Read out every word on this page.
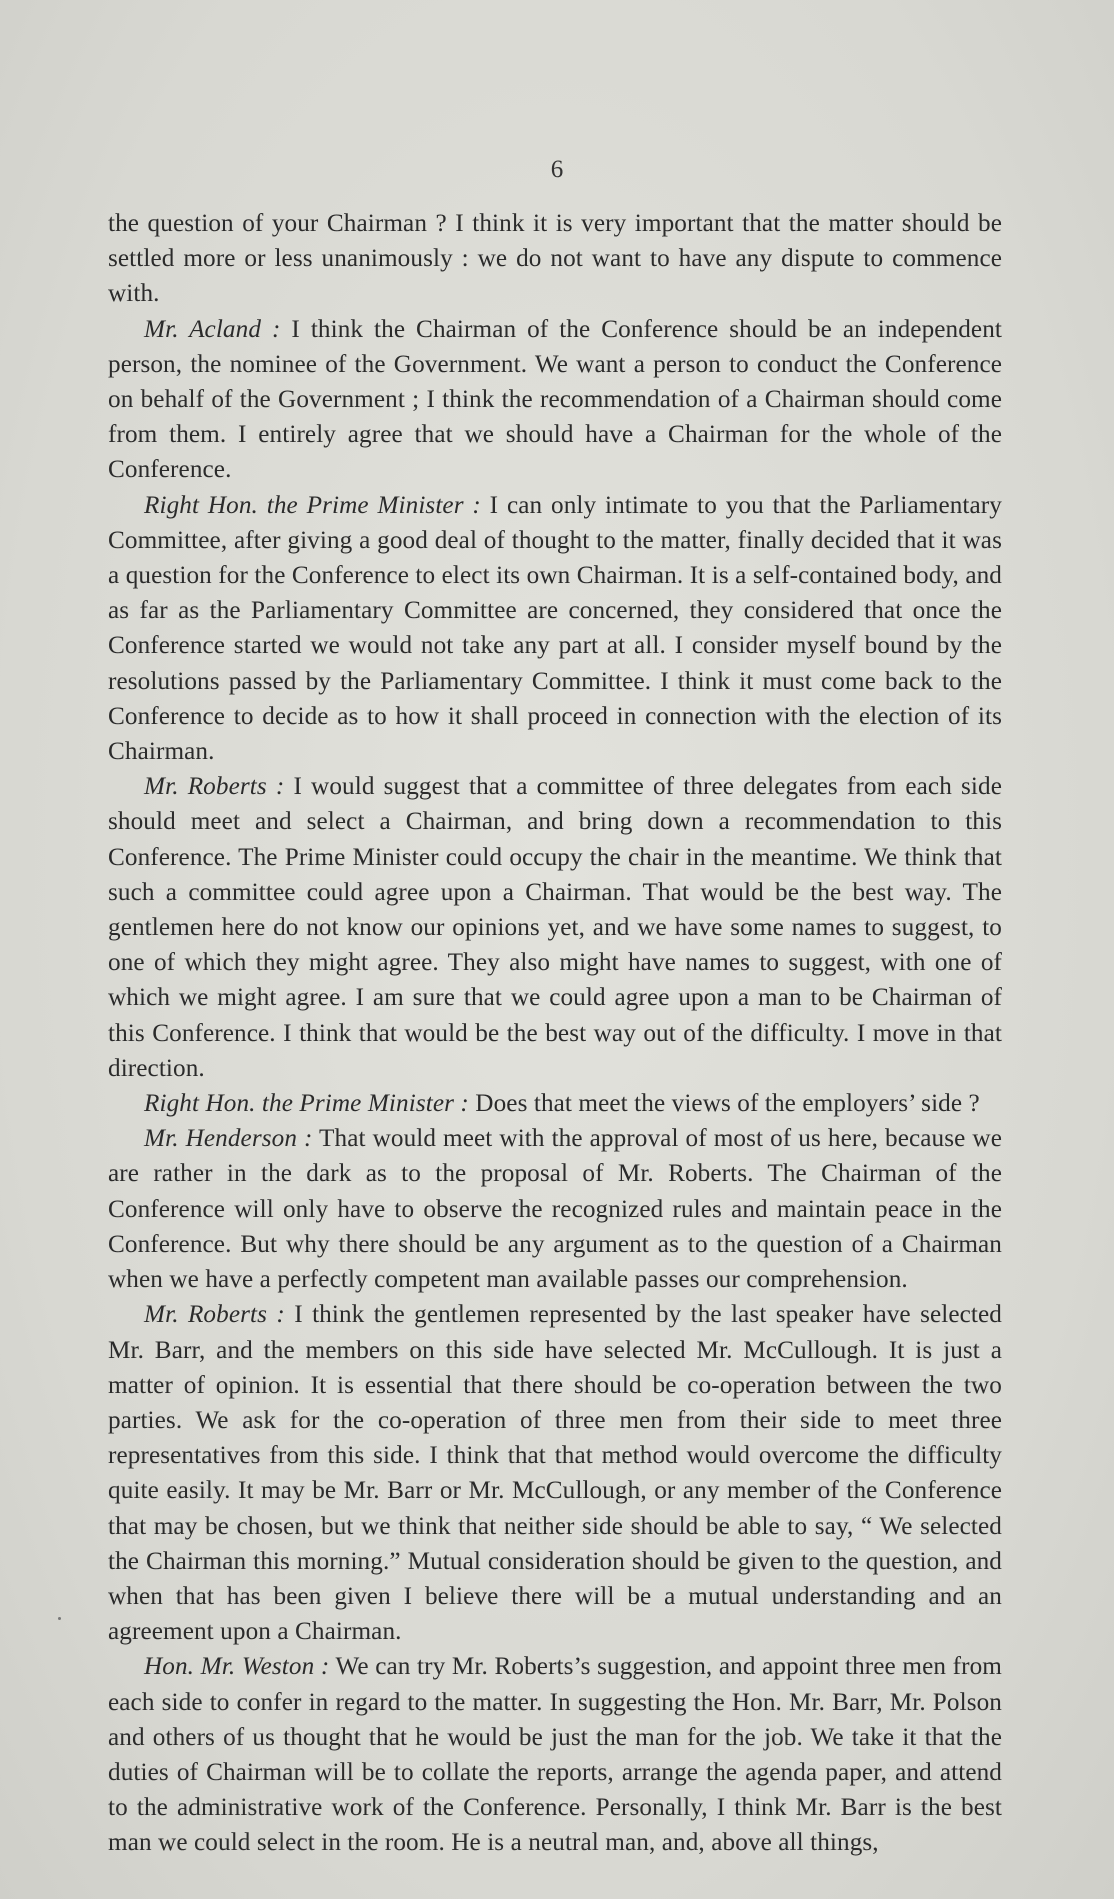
6

the question of your Chairman ? I think it is very important that the matter should be settled more or less unanimously : we do not want to have any dispute to commence with.

Mr. Acland : I think the Chairman of the Conference should be an independent person, the nominee of the Government. We want a person to conduct the Conference on behalf of the Government ; I think the recommendation of a Chairman should come from them. I entirely agree that we should have a Chairman for the whole of the Conference.

Right Hon. the Prime Minister : I can only intimate to you that the Parliamentary Committee, after giving a good deal of thought to the matter, finally decided that it was a question for the Conference to elect its own Chairman. It is a self-contained body, and as far as the Parliamentary Committee are concerned, they considered that once the Conference started we would not take any part at all. I consider myself bound by the resolutions passed by the Parliamentary Committee. I think it must come back to the Conference to decide as to how it shall proceed in connection with the election of its Chairman.

Mr. Roberts : I would suggest that a committee of three delegates from each side should meet and select a Chairman, and bring down a recommendation to this Conference. The Prime Minister could occupy the chair in the meantime. We think that such a committee could agree upon a Chairman. That would be the best way. The gentlemen here do not know our opinions yet, and we have some names to suggest, to one of which they might agree. They also might have names to suggest, with one of which we might agree. I am sure that we could agree upon a man to be Chairman of this Conference. I think that would be the best way out of the difficulty. I move in that direction.

Right Hon. the Prime Minister : Does that meet the views of the employers’ side ?

Mr. Henderson : That would meet with the approval of most of us here, because we are rather in the dark as to the proposal of Mr. Roberts. The Chairman of the Conference will only have to observe the recognized rules and maintain peace in the Conference. But why there should be any argument as to the question of a Chairman when we have a perfectly competent man available passes our comprehension.

Mr. Roberts : I think the gentlemen represented by the last speaker have selected Mr. Barr, and the members on this side have selected Mr. McCullough. It is just a matter of opinion. It is essential that there should be co-operation between the two parties. We ask for the co-operation of three men from their side to meet three representatives from this side. I think that that method would overcome the difficulty quite easily. It may be Mr. Barr or Mr. McCullough, or any member of the Conference that may be chosen, but we think that neither side should be able to say, “ We selected the Chairman this morning.” Mutual consideration should be given to the question, and when that has been given I believe there will be a mutual understanding and an agreement upon a Chairman.

Hon. Mr. Weston : We can try Mr. Roberts’s suggestion, and appoint three men from each side to confer in regard to the matter. In suggesting the Hon. Mr. Barr, Mr. Polson and others of us thought that he would be just the man for the job. We take it that the duties of Chairman will be to collate the reports, arrange the agenda paper, and attend to the administrative work of the Conference. Personally, I think Mr. Barr is the best man we could select in the room. He is a neutral man, and, above all things,
